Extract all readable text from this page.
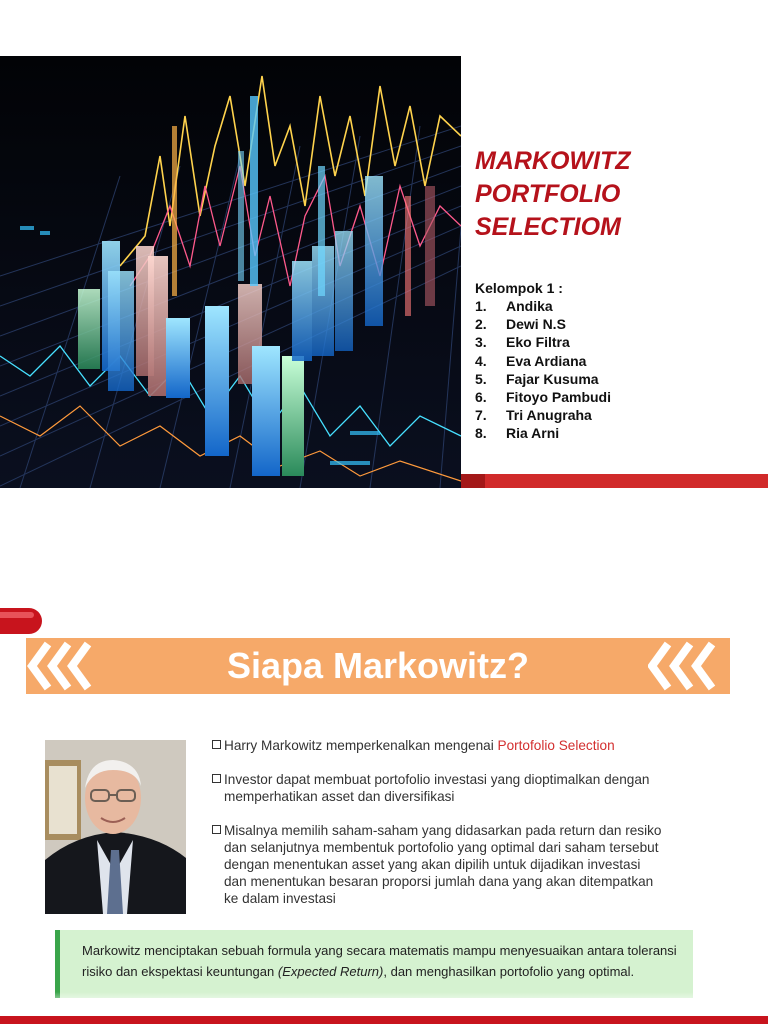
MARKOWITZ
PORTFOLIO
SELECTIOM
Kelompok 1 :
1.	Andika
2.	Dewi N.S
3.	Eko Filtra
4.	Eva Ardiana
5.	Fajar Kusuma
6.	Fitoyo Pambudi
7.	Tri Anugraha
8.	Ria Arni
Siapa Markowitz?
Harry Markowitz memperkenalkan mengenai Portofolio Selection
Investor dapat membuat portofolio investasi yang dioptimalkan dengan memperhatikan asset dan diversifikasi
Misalnya memilih saham-saham yang didasarkan pada return dan resiko dan selanjutnya membentuk portofolio yang optimal dari saham tersebut dengan menentukan asset yang akan dipilih untuk dijadikan investasi dan menentukan besaran proporsi jumlah dana yang akan ditempatkan ke dalam investasi
Markowitz menciptakan sebuah formula yang secara matematis mampu menyesuaikan antara toleransi risiko dan ekspektasi keuntungan (Expected Return), dan menghasilkan portofolio yang optimal.
